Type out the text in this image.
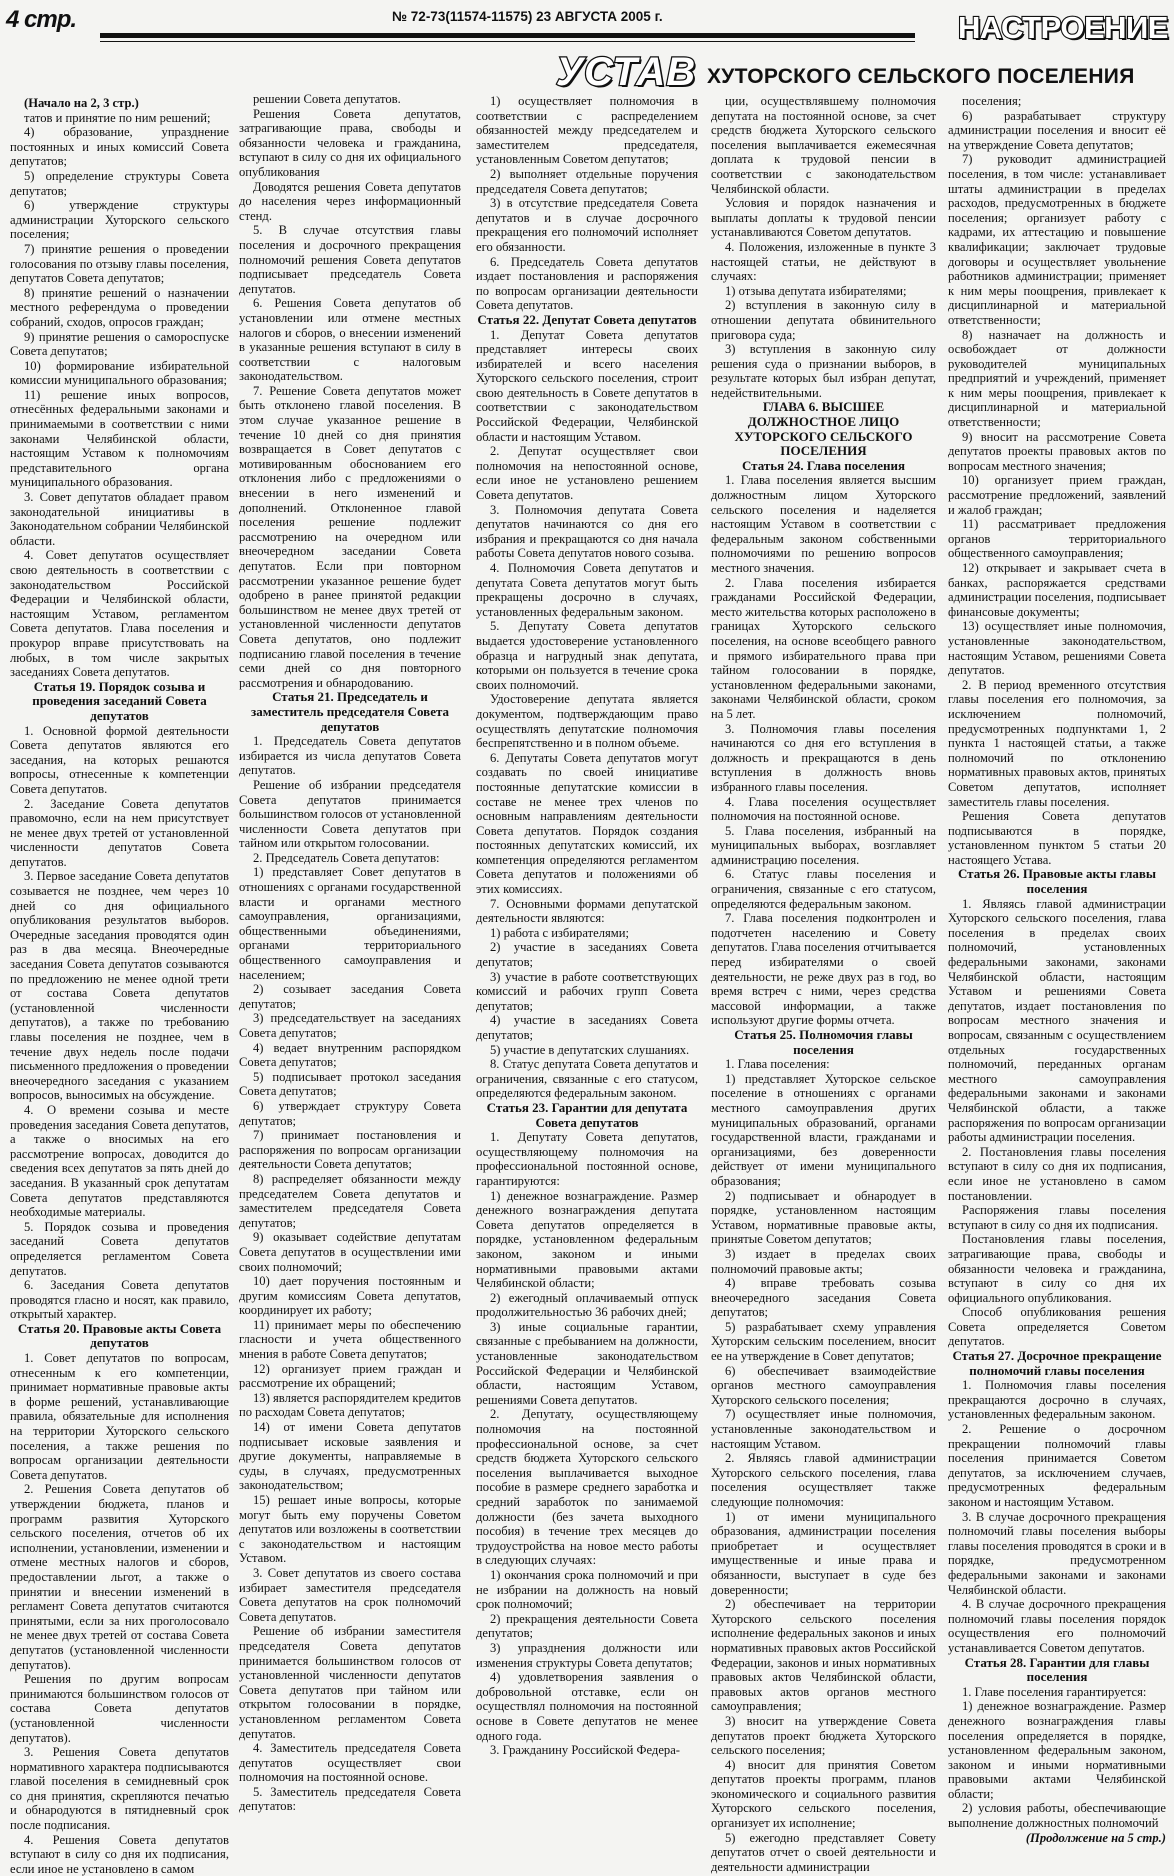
4 стр.	№ 72-73(11574-11575) 23 АВГУСТА 2005 г.	НАСТРОЕНИЕ
УСТАВ ХУТОРСКОГО СЕЛЬСКОГО ПОСЕЛЕНИЯ

(Начало на 2, 3 стр.)

татов и принятие по ним решений;

4) образование, упразднение постоянных и иных комиссий Совета депутатов;

5) определение структуры Совета депутатов;

6) утверждение структуры администрации Хуторского сельского поселения;

7) принятие решения о проведении голосования по отзыву главы поселения, депутатов Совета депутатов;

8) принятие решений о назначении местного референдума о проведении собраний, сходов, опросов граждан;

9) принятие решения о самороспуске Совета депутатов;

10) формирование избирательной комиссии муниципального образования;

11) решение иных вопросов, отнесённых федеральными законами и принимаемыми в соответствии с ними законами Челябинской области, настоящим Уставом к полномочиям представительного органа муниципального образования.

3. Совет депутатов обладает правом законодательной инициативы в Законодательном собрании Челябинской области.

4. Совет депутатов осуществляет свою деятельность в соответствии с законодательством Российской Федерации и Челябинской области, настоящим Уставом, регламентом Совета депутатов. Глава поселения и прокурор вправе присутствовать на любых, в том числе закрытых заседаниях Совета депутатов.

Статья 19. Порядок созыва и проведения заседаний Совета депутатов

1. Основной формой деятельности Совета депутатов являются его заседания, на которых решаются вопросы, отнесенные к компетенции Совета депутатов.

2. Заседание Совета депутатов правомочно, если на нем присутствует не менее двух третей от установленной численности депутатов Совета депутатов.

3. Первое заседание Совета депутатов созывается не позднее, чем через 10 дней со дня официального опубликования результатов выборов. Очередные заседания проводятся один раз в два месяца. Внеочередные заседания Совета депутатов созываются по предложению не менее одной трети от состава Совета депутатов (установленной численности депутатов), а также по требованию главы поселения не позднее, чем в течение двух недель после подачи письменного предложения о проведении внеочередного заседания с указанием вопросов, выносимых на обсуждение.

4. О времени созыва и месте проведения заседания Совета депутатов, а также о вносимых на его рассмотрение вопросах, доводится до сведения всех депутатов за пять дней до заседания. В указанный срок депутатам Совета депутатов представляются необходимые материалы.

5. Порядок созыва и проведения заседаний Совета депутатов определяется регламентом Совета депутатов.

6. Заседания Совета депутатов проводятся гласно и носят, как правило, открытый характер.

Статья 20. Правовые акты Совета депутатов

1. Совет депутатов по вопросам, отнесенным к его компетенции, принимает нормативные правовые акты в форме решений, устанавливающие правила, обязательные для исполнения на территории Хуторского сельского поселения, а также решения по вопросам организации деятельности Совета депутатов.

2. Решения Совета депутатов об утверждении бюджета, планов и программ развития Хуторского сельского поселения, отчетов об их исполнении, установлении, изменении и отмене местных налогов и сборов, предоставлении льгот, а также о принятии и внесении изменений в регламент Совета депутатов считаются принятыми, если за них проголосовало не менее двух третей от состава Совета депутатов (установленной численности депутатов).

Решения по другим вопросам принимаются большинством голосов от состава Совета депутатов (установленной численности депутатов).

3. Решения Совета депутатов нормативного характера подписываются главой поселения в семидневный срок со дня принятия, скрепляются печатью и обнародуются в пятидневный срок после подписания.

4. Решения Совета депутатов вступают в силу со дня их подписания, если иное не установлено в самом

решении Совета депутатов.

Решения Совета депутатов, затрагивающие права, свободы и обязанности человека и гражданина, вступают в силу со дня их официального опубликования

Доводятся решения Совета депутатов до населения через информационный стенд.

5. В случае отсутствия главы поселения и досрочного прекращения полномочий решения Совета депутатов подписывает председатель Совета депутатов.

6. Решения Совета депутатов об установлении или отмене местных налогов и сборов, о внесении изменений в указанные решения вступают в силу в соответствии с налоговым законодательством.

7. Решение Совета депутатов может быть отклонено главой поселения. В этом случае указанное решение в течение 10 дней со дня принятия возвращается в Совет депутатов с мотивированным обоснованием его отклонения либо с предложениями о внесении в него изменений и дополнений. Отклоненное главой поселения решение подлежит рассмотрению на очередном или внеочередном заседании Совета депутатов. Если при повторном рассмотрении указанное решение будет одобрено в ранее принятой редакции большинством не менее двух третей от установленной численности депутатов Совета депутатов, оно подлежит подписанию главой поселения в течение семи дней со дня повторного рассмотрения и обнародованию.

Статья 21. Председатель и заместитель председателя Совета депутатов

1. Председатель Совета депутатов избирается из числа депутатов Совета депутатов.

Решение об избрании председателя Совета депутатов принимается большинством голосов от установленной численности Совета депутатов при тайном или открытом голосовании.

2. Председатель Совета депутатов:

1) представляет Совет депутатов в отношениях с органами государственной власти и органами местного самоуправления, организациями, общественными объединениями, органами территориального общественного самоуправления и населением;

2) созывает заседания Совета депутатов;

3) председательствует на заседаниях Совета депутатов;

4) ведает внутренним распорядком Совета депутатов;

5) подписывает протокол заседания Совета депутатов;

6) утверждает структуру Совета депутатов;

7) принимает постановления и распоряжения по вопросам организации деятельности Совета депутатов;

8) распределяет обязанности между председателем Совета депутатов и заместителем председателя Совета депутатов;

9) оказывает содействие депутатам Совета депутатов в осуществлении ими своих полномочий;

10) дает поручения постоянным и другим комиссиям Совета депутатов, координирует их работу;

11) принимает меры по обеспечению гласности и учета общественного мнения в работе Совета депутатов;

12) организует прием граждан и рассмотрение их обращений;

13) является распорядителем кредитов по расходам Совета депутатов;

14) от имени Совета депутатов подписывает исковые заявления и другие документы, направляемые в суды, в случаях, предусмотренных законодательством;

15) решает иные вопросы, которые могут быть ему поручены Советом депутатов или возложены в соответствии с законодательством и настоящим Уставом.

3. Совет депутатов из своего состава избирает заместителя председателя Совета депутатов на срок полномочий Совета депутатов.

Решение об избрании заместителя председателя Совета депутатов принимается большинством голосов от установленной численности депутатов Совета депутатов при тайном или открытом голосовании в порядке, установленном регламентом Совета депутатов.

4. Заместитель председателя Совета депутатов осуществляет свои полномочия на постоянной основе.

5. Заместитель председателя Совета депутатов:

1) осуществляет полномочия в соответствии с распределением обязанностей между председателем и заместителем председателя, установленным Советом депутатов;

2) выполняет отдельные поручения председателя Совета депутатов;

3) в отсутствие председателя Совета депутатов и в случае досрочного прекращения его полномочий исполняет его обязанности.

6. Председатель Совета депутатов издает постановления и распоряжения по вопросам организации деятельности Совета депутатов.

Статья 22. Депутат Совета депутатов

1. Депутат Совета депутатов представляет интересы своих избирателей и всего населения Хуторского сельского поселения, строит свою деятельность в Совете депутатов в соответствии с законодательством Российской Федерации, Челябинской области и настоящим Уставом.

2. Депутат осуществляет свои полномочия на непостоянной основе, если иное не установлено решением Совета депутатов.

3. Полномочия депутата Совета депутатов начинаются со дня его избрания и прекращаются со дня начала работы Совета депутатов нового созыва.

4. Полномочия Совета депутатов и депутата Совета депутатов могут быть прекращены досрочно в случаях, установленных федеральным законом.

5. Депутату Совета депутатов выдается удостоверение установленного образца и нагрудный знак депутата, которыми он пользуется в течение срока своих полномочий.

Удостоверение депутата является документом, подтверждающим право осуществлять депутатские полномочия беспрепятственно и в полном объеме.

6. Депутаты Совета депутатов могут создавать по своей инициативе постоянные депутатские комиссии в составе не менее трех членов по основным направлениям деятельности Совета депутатов. Порядок создания постоянных депутатских комиссий, их компетенция определяются регламентом Совета депутатов и положениями об этих комиссиях.

7. Основными формами депутатской деятельности являются:

1) работа с избирателями;

2) участие в заседаниях Совета депутатов;

3) участие в работе соответствующих комиссий и рабочих групп Совета депутатов;

4) участие в заседаниях Совета депутатов;

5) участие в депутатских слушаниях.

8. Статус депутата Совета депутатов и ограничения, связанные с его статусом, определяются федеральным законом.

Статья 23. Гарантии для депутата Совета депутатов

1. Депутату Совета депутатов, осуществляющему полномочия на профессиональной постоянной основе, гарантируются:

1) денежное вознаграждение. Размер денежного вознаграждения депутата Совета депутатов определяется в порядке, установленном федеральным законом, законом и иными нормативными правовыми актами Челябинской области;

2) ежегодный оплачиваемый отпуск продолжительностью 36 рабочих дней;

3) иные социальные гарантии, связанные с пребыванием на должности, установленные законодательством Российской Федерации и Челябинской области, настоящим Уставом, решениями Совета депутатов.

2. Депутату, осуществляющему полномочия на постоянной профессиональной основе, за счет средств бюджета Хуторского сельского поселения выплачивается выходное пособие в размере среднего заработка и средний заработок по занимаемой должности (без зачета выходного пособия) в течение трех месяцев до трудоустройства на новое место работы в следующих случаях:

1) окончания срока полномочий и при не избрании на должность на новый срок полномочий;

2) прекращения деятельности Совета депутатов;

3) упразднения должности или изменения структуры Совета депутатов;

4) удовлетворения заявления о добровольной отставке, если он осуществлял полномочия на постоянной основе в Совете депутатов не менее одного года.

3. Гражданину Российской Федера-

ции, осуществлявшему полномочия депутата на постоянной основе, за счет средств бюджета Хуторского сельского поселения выплачивается ежемесячная доплата к трудовой пенсии в соответствии с законодательством Челябинской области.

Условия и порядок назначения и выплаты доплаты к трудовой пенсии устанавливаются Советом депутатов.

4. Положения, изложенные в пункте 3 настоящей статьи, не действуют в случаях:

1) отзыва депутата избирателями;

2) вступления в законную силу в отношении депутата обвинительного приговора суда;

3) вступления в законную силу решения суда о признании выборов, в результате которых был избран депутат, недействительными.

ГЛАВА 6. ВЫСШЕЕ ДОЛЖНОСТНОЕ ЛИЦО ХУТОРСКОГО СЕЛЬСКОГО ПОСЕЛЕНИЯ

Статья 24. Глава поселения

1. Глава поселения является высшим должностным лицом Хуторского сельского поселения и наделяется настоящим Уставом в соответствии с федеральным законом собственными полномочиями по решению вопросов местного значения.

2. Глава поселения избирается гражданами Российской Федерации, место жительства которых расположено в границах Хуторского сельского поселения, на основе всеобщего равного и прямого избирательного права при тайном голосовании в порядке, установленном федеральными законами, законами Челябинской области, сроком на 5 лет.

3. Полномочия главы поселения начинаются со дня его вступления в должность и прекращаются в день вступления в должность вновь избранного главы поселения.

4. Глава поселения осуществляет полномочия на постоянной основе.

5. Глава поселения, избранный на муниципальных выборах, возглавляет администрацию поселения.

6. Статус главы поселения и ограничения, связанные с его статусом, определяются федеральным законом.

7. Глава поселения подконтролен и подотчетен населению и Совету депутатов. Глава поселения отчитывается перед избирателями о своей деятельности, не реже двух раз в год, во время встреч с ними, через средства массовой информации, а также используют другие формы отчета.

Статья 25. Полномочия главы поселения

1. Глава поселения:

1) представляет Хуторское сельское поселение в отношениях с органами местного самоуправления других муниципальных образований, органами государственной власти, гражданами и организациями, без доверенности действует от имени муниципального образования;

2) подписывает и обнародует в порядке, установленном настоящим Уставом, нормативные правовые акты, принятые Советом депутатов;

3) издает в пределах своих полномочий правовые акты;

4) вправе требовать созыва внеочередного заседания Совета депутатов;

5) разрабатывает схему управления Хуторским сельским поселением, вносит ее на утверждение в Совет депутатов;

6) обеспечивает взаимодействие органов местного самоуправления Хуторского сельского поселения;

7) осуществляет иные полномочия, установленные законодательством и настоящим Уставом.

2. Являясь главой администрации Хуторского сельского поселения, глава поселения осуществляет также следующие полномочия:

1) от имени муниципального образования, администрации поселения приобретает и осуществляет имущественные и иные права и обязанности, выступает в суде без доверенности;

2) обеспечивает на территории Хуторского сельского поселения исполнение федеральных законов и иных нормативных правовых актов Российской Федерации, законов и иных нормативных правовых актов Челябинской области, правовых актов органов местного самоуправления;

3) вносит на утверждение Совета депутатов проект бюджета Хуторского сельского поселения;

4) вносит для принятия Советом депутатов проекты программ, планов экономического и социального развития Хуторского сельского поселения, организует их исполнение;

5) ежегодно представляет Совету депутатов отчет о своей деятельности и деятельности администрации

поселения;

6) разрабатывает структуру администрации поселения и вносит её на утверждение Совета депутатов;

7) руководит администрацией поселения, в том числе: устанавливает штаты администрации в пределах расходов, предусмотренных в бюджете поселения; организует работу с кадрами, их аттестацию и повышение квалификации; заключает трудовые договоры и осуществляет увольнение работников администрации; применяет к ним меры поощрения, привлекает к дисциплинарной и материальной ответственности;

8) назначает на должность и освобождает от должности руководителей муниципальных предприятий и учреждений, применяет к ним меры поощрения, привлекает к дисциплинарной и материальной ответственности;

9) вносит на рассмотрение Совета депутатов проекты правовых актов по вопросам местного значения;

10) организует прием граждан, рассмотрение предложений, заявлений и жалоб граждан;

11) рассматривает предложения органов территориального общественного самоуправления;

12) открывает и закрывает счета в банках, распоряжается средствами администрации поселения, подписывает финансовые документы;

13) осуществляет иные полномочия, установленные законодательством, настоящим Уставом, решениями Совета депутатов.

2. В период временного отсутствия главы поселения его полномочия, за исключением полномочий, предусмотренных подпунктами 1, 2 пункта 1 настоящей статьи, а также полномочий по отклонению нормативных правовых актов, принятых Советом депутатов, исполняет заместитель главы поселения.

Решения Совета депутатов подписываются в порядке, установленном пунктом 5 статьи 20 настоящего Устава.

Статья 26. Правовые акты главы поселения

1. Являясь главой администрации Хуторского сельского поселения, глава поселения в пределах своих полномочий, установленных федеральными законами, законами Челябинской области, настоящим Уставом и решениями Совета депутатов, издает постановления по вопросам местного значения и вопросам, связанным с осуществлением отдельных государственных полномочий, переданных органам местного самоуправления федеральными законами и законами Челябинской области, а также распоряжения по вопросам организации работы администрации поселения.

2. Постановления главы поселения вступают в силу со дня их подписания, если иное не установлено в самом постановлении.

Распоряжения главы поселения вступают в силу со дня их подписания.

Постановления главы поселения, затрагивающие права, свободы и обязанности человека и гражданина, вступают в силу со дня их официального опубликования.

Способ опубликования решения Совета определяется Советом депутатов.

Статья 27. Досрочное прекращение полномочий главы поселения

1. Полномочия главы поселения прекращаются досрочно в случаях, установленных федеральным законом.

2. Решение о досрочном прекращении полномочий главы поселения принимается Советом депутатов, за исключением случаев, предусмотренных федеральным законом и настоящим Уставом.

3. В случае досрочного прекращения полномочий главы поселения выборы главы поселения проводятся в сроки и в порядке, предусмотренном федеральными законами и законами Челябинской области.

4. В случае досрочного прекращения полномочий главы поселения порядок осуществления его полномочий устанавливается Советом депутатов.

Статья 28. Гарантии для главы поселения

1. Главе поселения гарантируется:

1) денежное вознаграждение. Размер денежного вознаграждения главы поселения определяется в порядке, установленном федеральным законом, законом и иными нормативными правовыми актами Челябинской области;

2) условия работы, обеспечивающие выполнение должностных полномочий

(Продолжение на 5 стр.)
